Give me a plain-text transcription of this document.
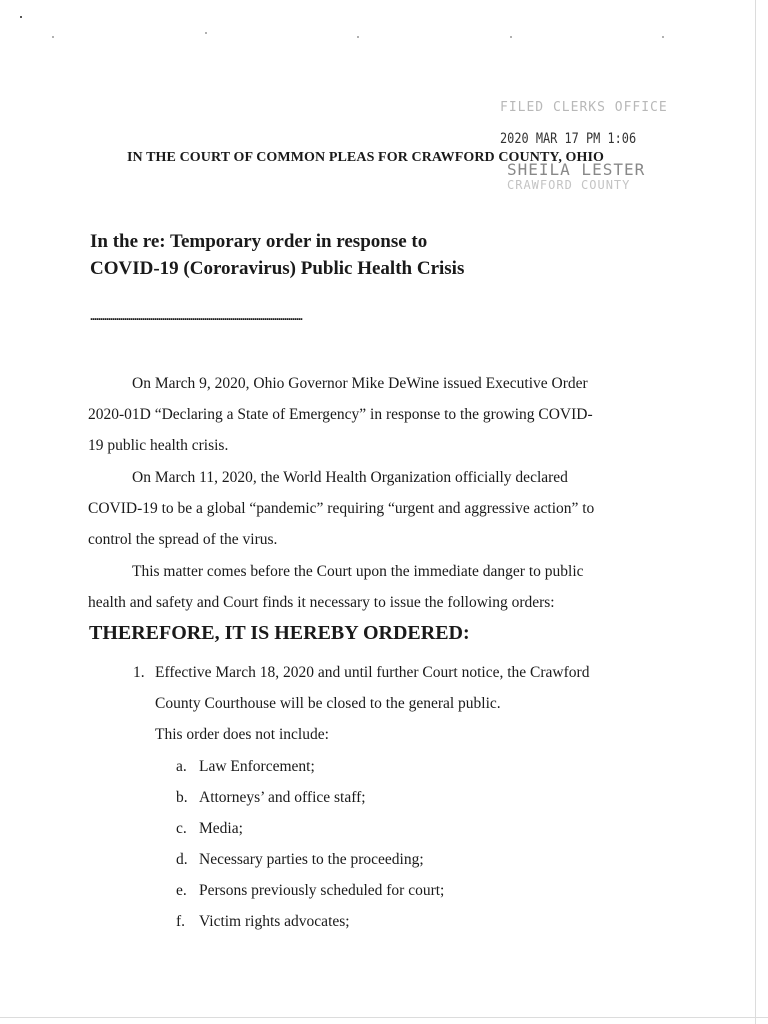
FILED CLERKS OFFICE
2020 MAR 17 PM 1:06
SHEILA LESTER
CRAWFORD COUNTY
IN THE COURT OF COMMON PLEAS FOR CRAWFORD COUNTY, OHIO
In the re: Temporary order in response to
COVID-19 (Cororavirus) Public Health Crisis
..........................................................................................................
On March 9, 2020, Ohio Governor Mike DeWine issued Executive Order
2020-01D “Declaring a State of Emergency” in response to the growing COVID-
19 public health crisis.
On March 11, 2020, the World Health Organization officially declared
COVID-19 to be a global “pandemic” requiring “urgent and aggressive action” to
control the spread of the virus.
This matter comes before the Court upon the immediate danger to public
health and safety and Court finds it necessary to issue the following orders:
THEREFORE, IT IS HEREBY ORDERED:
1. Effective March 18, 2020 and until further Court notice, the Crawford
County Courthouse will be closed to the general public.
This order does not include:
a. Law Enforcement;
b. Attorneys’ and office staff;
c. Media;
d. Necessary parties to the proceeding;
e. Persons previously scheduled for court;
f. Victim rights advocates;
